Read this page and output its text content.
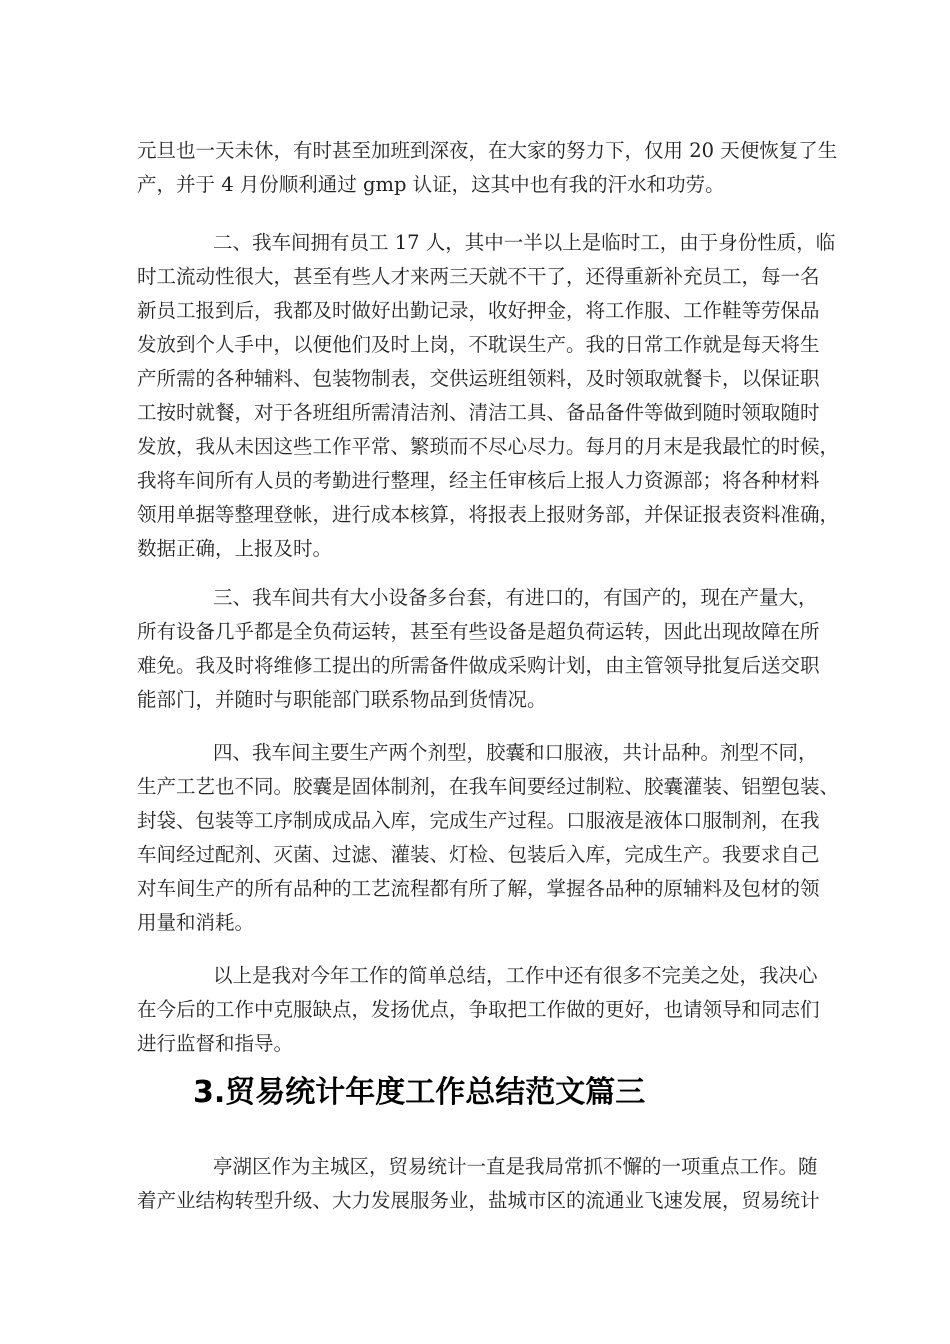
元旦也一天未休，有时甚至加班到深夜，在大家的努力下，仅用 20 天便恢复了生
产，并于 4 月份顺利通过 gmp 认证，这其中也有我的汗水和功劳。
二、我车间拥有员工 17 人，其中一半以上是临时工，由于身份性质，临
时工流动性很大，甚至有些人才来两三天就不干了，还得重新补充员工，每一名
新员工报到后，我都及时做好出勤记录，收好押金，将工作服、工作鞋等劳保品
发放到个人手中，以便他们及时上岗，不耽误生产。我的日常工作就是每天将生
产所需的各种辅料、包装物制表，交供运班组领料，及时领取就餐卡，以保证职
工按时就餐，对于各班组所需清洁剂、清洁工具、备品备件等做到随时领取随时
发放，我从未因这些工作平常、繁琐而不尽心尽力。每月的月末是我最忙的时候，
我将车间所有人员的考勤进行整理，经主任审核后上报人力资源部；将各种材料
领用单据等整理登帐，进行成本核算，将报表上报财务部，并保证报表资料准确，
数据正确，上报及时。
三、我车间共有大小设备多台套，有进口的，有国产的，现在产量大，
所有设备几乎都是全负荷运转，甚至有些设备是超负荷运转，因此出现故障在所
难免。我及时将维修工提出的所需备件做成采购计划，由主管领导批复后送交职
能部门，并随时与职能部门联系物品到货情况。
四、我车间主要生产两个剂型，胶囊和口服液，共计品种。剂型不同，
生产工艺也不同。胶囊是固体制剂，在我车间要经过制粒、胶囊灌装、铝塑包装、
封袋、包装等工序制成成品入库，完成生产过程。口服液是液体口服制剂，在我
车间经过配剂、灭菌、过滤、灌装、灯检、包装后入库，完成生产。我要求自己
对车间生产的所有品种的工艺流程都有所了解，掌握各品种的原辅料及包材的领
用量和消耗。
以上是我对今年工作的简单总结，工作中还有很多不完美之处，我决心
在今后的工作中克服缺点，发扬优点，争取把工作做的更好，也请领导和同志们
进行监督和指导。
3.贸易统计年度工作总结范文篇三
亭湖区作为主城区，贸易统计一直是我局常抓不懈的一项重点工作。随
着产业结构转型升级、大力发展服务业，盐城市区的流通业飞速发展，贸易统计
